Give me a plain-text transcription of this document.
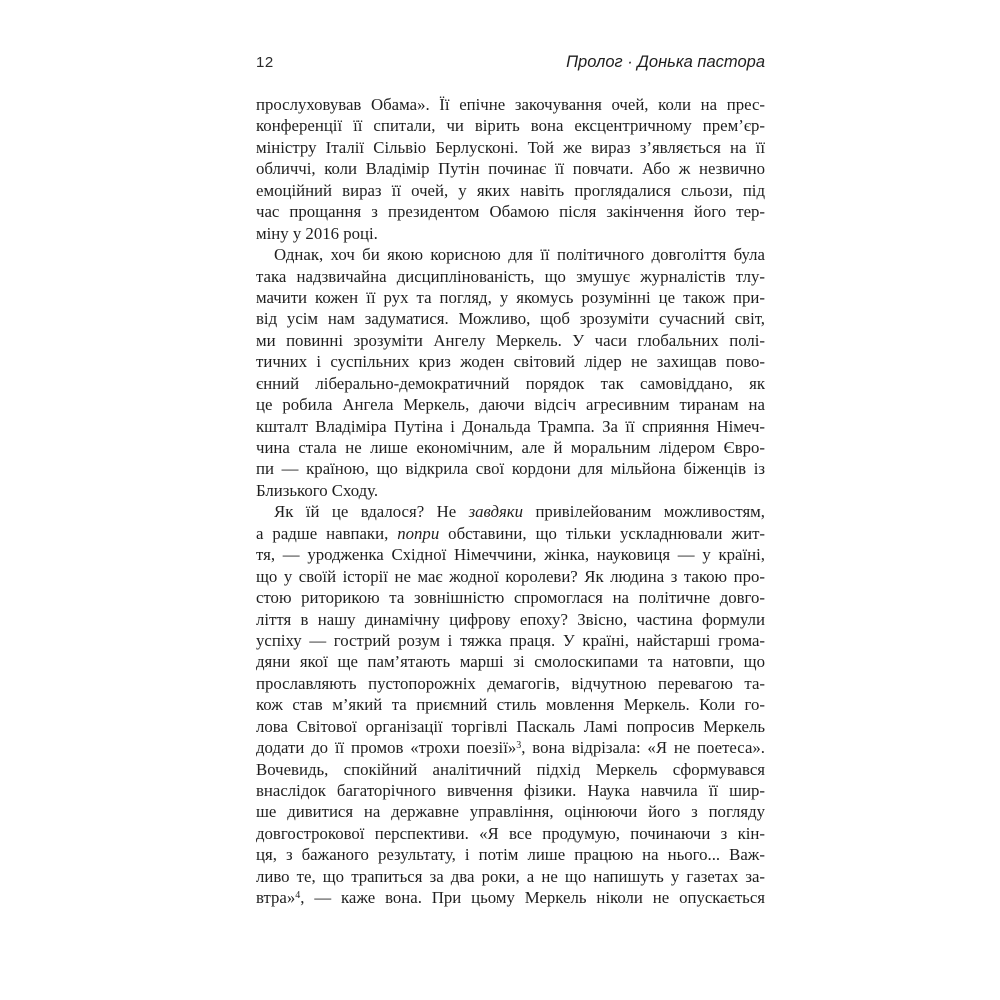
12	Пролог · Донька пастора
прослуховував Обама». Її епічне закочування очей, коли на прес-
конференції її спитали, чи вірить вона ексцентричному прем’єр-
міністру Італії Сільвіо Берлусконі. Той же вираз з’являється на її
обличчі, коли Владімір Путін починає її повчати. Або ж незвично
емоційний вираз її очей, у яких навіть проглядалися сльози, під
час прощання з президентом Обамою після закінчення його тер-
міну у 2016 році.
Однак, хоч би якою корисною для її політичного довголіття була
така надзвичайна дисциплінованість, що змушує журналістів тлу-
мачити кожен її рух та погляд, у якомусь розумінні це також при-
від усім нам задуматися. Можливо, щоб зрозуміти сучасний світ,
ми повинні зрозуміти Ангелу Меркель. У часи глобальних полі-
тичних і суспільних криз жоден світовий лідер не захищав пово-
єнний ліберально-демократичний порядок так самовіддано, як
це робила Ангела Меркель, даючи відсіч агресивним тиранам на
кшталт Владіміра Путіна і Дональда Трампа. За її сприяння Німеч-
чина стала не лише економічним, але й моральним лідером Євро-
пи — країною, що відкрила свої кордони для мільйона біженців із
Близького Сходу.
Як їй це вдалося? Не завдяки привілейованим можливостям,
а радше навпаки, попри обставини, що тільки ускладнювали жит-
тя, — уродженка Східної Німеччини, жінка, науковиця — у країні,
що у своїй історії не має жодної королеви? Як людина з такою про-
стою риторикою та зовнішністю спромоглася на політичне довго-
ліття в нашу динамічну цифрову епоху? Звісно, частина формули
успіху — гострий розум і тяжка праця. У країні, найстарші грома-
дяни якої ще пам’ятають марші зі смолоскипами та натовпи, що
прославляють пустопорожніх демагогів, відчутною перевагою та-
кож став м’який та приємний стиль мовлення Меркель. Коли го-
лова Світової організації торгівлі Паскаль Ламі попросив Меркель
додати до її промов «трохи поезії»$^3$, вона відрізала: «Я не поетеса».
Вочевидь, спокійний аналітичний підхід Меркель сформувався
внаслідок багаторічного вивчення фізики. Наука навчила її шир-
ше дивитися на державне управління, оцінюючи його з погляду
довгострокової перспективи. «Я все продумую, починаючи з кін-
ця, з бажаного результату, і потім лише працюю на нього... Важ-
ливо те, що трапиться за два роки, а не що напишуть у газетах за-
втра»$^4$, — каже вона. При цьому Меркель ніколи не опускається
